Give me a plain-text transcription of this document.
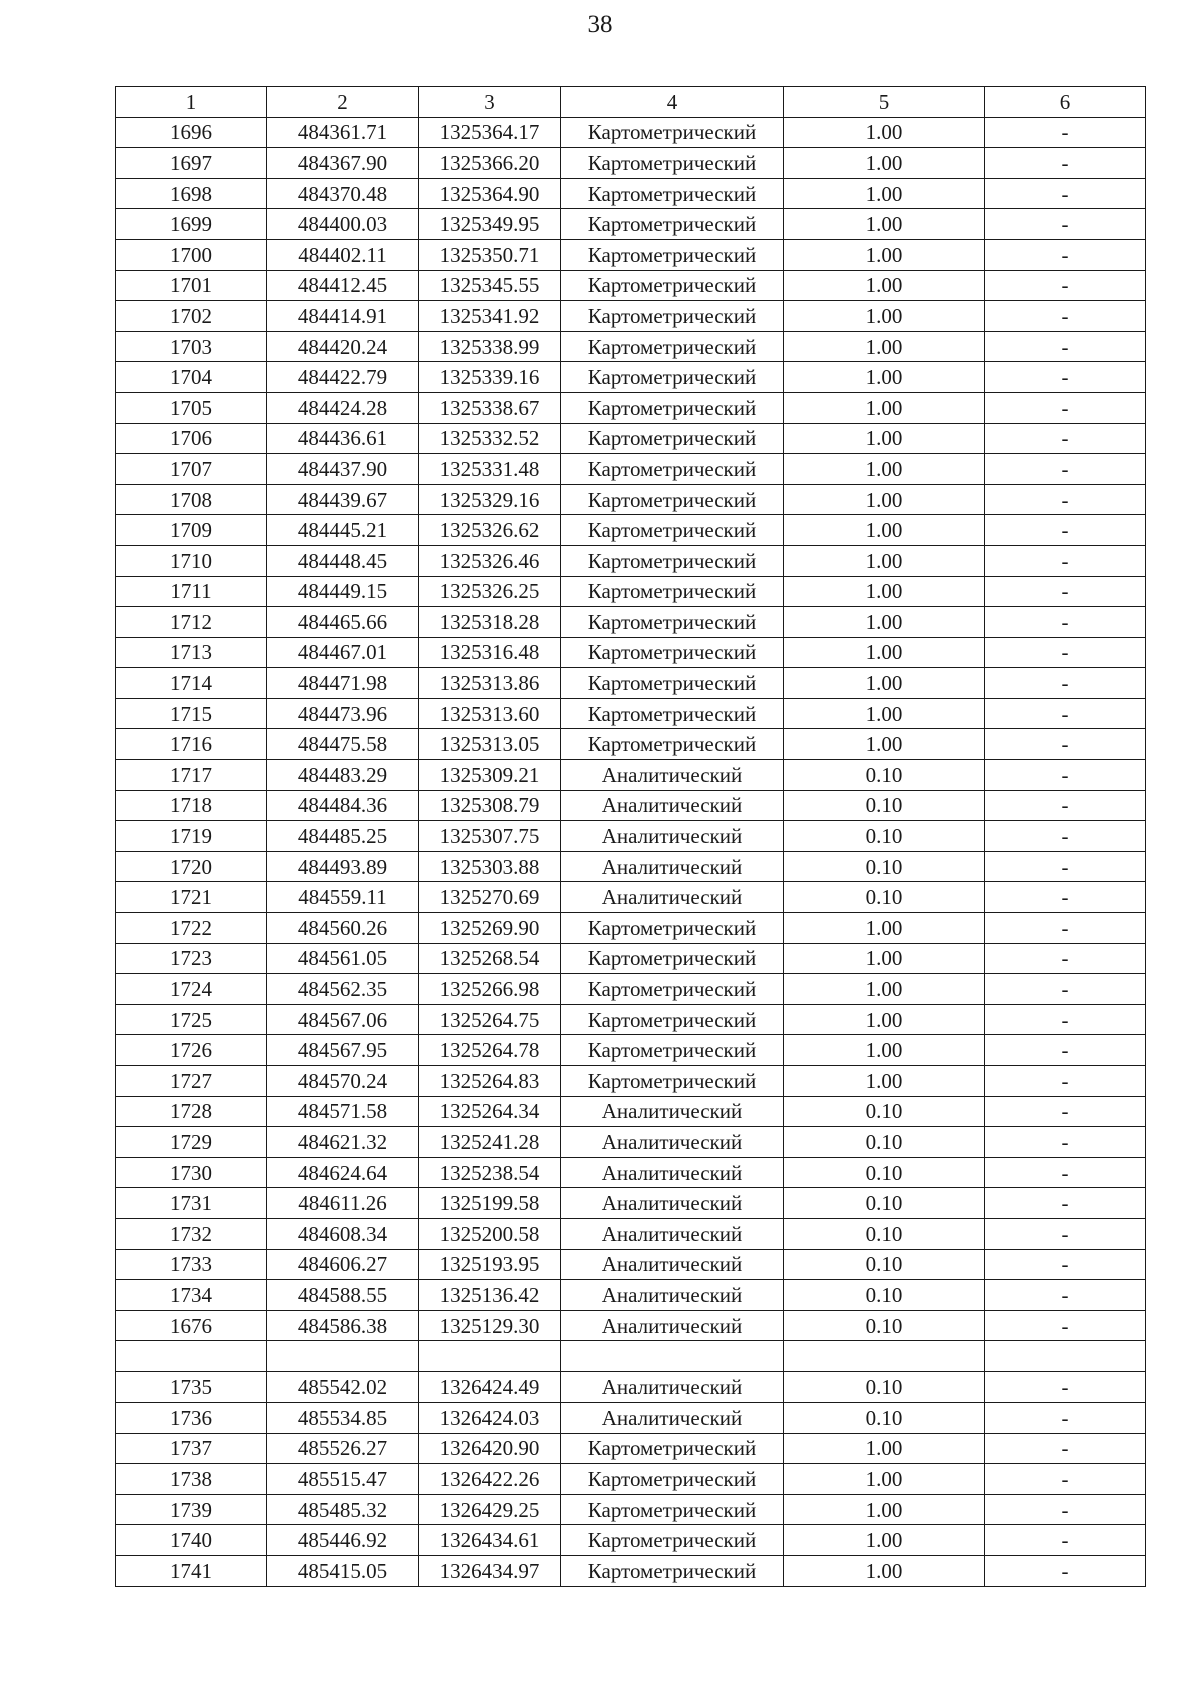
38
1	2	3	4	5	6
1696	484361.71	1325364.17	Картометрический	1.00	-
1697	484367.90	1325366.20	Картометрический	1.00	-
1698	484370.48	1325364.90	Картометрический	1.00	-
1699	484400.03	1325349.95	Картометрический	1.00	-
1700	484402.11	1325350.71	Картометрический	1.00	-
1701	484412.45	1325345.55	Картометрический	1.00	-
1702	484414.91	1325341.92	Картометрический	1.00	-
1703	484420.24	1325338.99	Картометрический	1.00	-
1704	484422.79	1325339.16	Картометрический	1.00	-
1705	484424.28	1325338.67	Картометрический	1.00	-
1706	484436.61	1325332.52	Картометрический	1.00	-
1707	484437.90	1325331.48	Картометрический	1.00	-
1708	484439.67	1325329.16	Картометрический	1.00	-
1709	484445.21	1325326.62	Картометрический	1.00	-
1710	484448.45	1325326.46	Картометрический	1.00	-
1711	484449.15	1325326.25	Картометрический	1.00	-
1712	484465.66	1325318.28	Картометрический	1.00	-
1713	484467.01	1325316.48	Картометрический	1.00	-
1714	484471.98	1325313.86	Картометрический	1.00	-
1715	484473.96	1325313.60	Картометрический	1.00	-
1716	484475.58	1325313.05	Картометрический	1.00	-
1717	484483.29	1325309.21	Аналитический	0.10	-
1718	484484.36	1325308.79	Аналитический	0.10	-
1719	484485.25	1325307.75	Аналитический	0.10	-
1720	484493.89	1325303.88	Аналитический	0.10	-
1721	484559.11	1325270.69	Аналитический	0.10	-
1722	484560.26	1325269.90	Картометрический	1.00	-
1723	484561.05	1325268.54	Картометрический	1.00	-
1724	484562.35	1325266.98	Картометрический	1.00	-
1725	484567.06	1325264.75	Картометрический	1.00	-
1726	484567.95	1325264.78	Картометрический	1.00	-
1727	484570.24	1325264.83	Картометрический	1.00	-
1728	484571.58	1325264.34	Аналитический	0.10	-
1729	484621.32	1325241.28	Аналитический	0.10	-
1730	484624.64	1325238.54	Аналитический	0.10	-
1731	484611.26	1325199.58	Аналитический	0.10	-
1732	484608.34	1325200.58	Аналитический	0.10	-
1733	484606.27	1325193.95	Аналитический	0.10	-
1734	484588.55	1325136.42	Аналитический	0.10	-
1676	484586.38	1325129.30	Аналитический	0.10	-

1735	485542.02	1326424.49	Аналитический	0.10	-
1736	485534.85	1326424.03	Аналитический	0.10	-
1737	485526.27	1326420.90	Картометрический	1.00	-
1738	485515.47	1326422.26	Картометрический	1.00	-
1739	485485.32	1326429.25	Картометрический	1.00	-
1740	485446.92	1326434.61	Картометрический	1.00	-
1741	485415.05	1326434.97	Картометрический	1.00	-
